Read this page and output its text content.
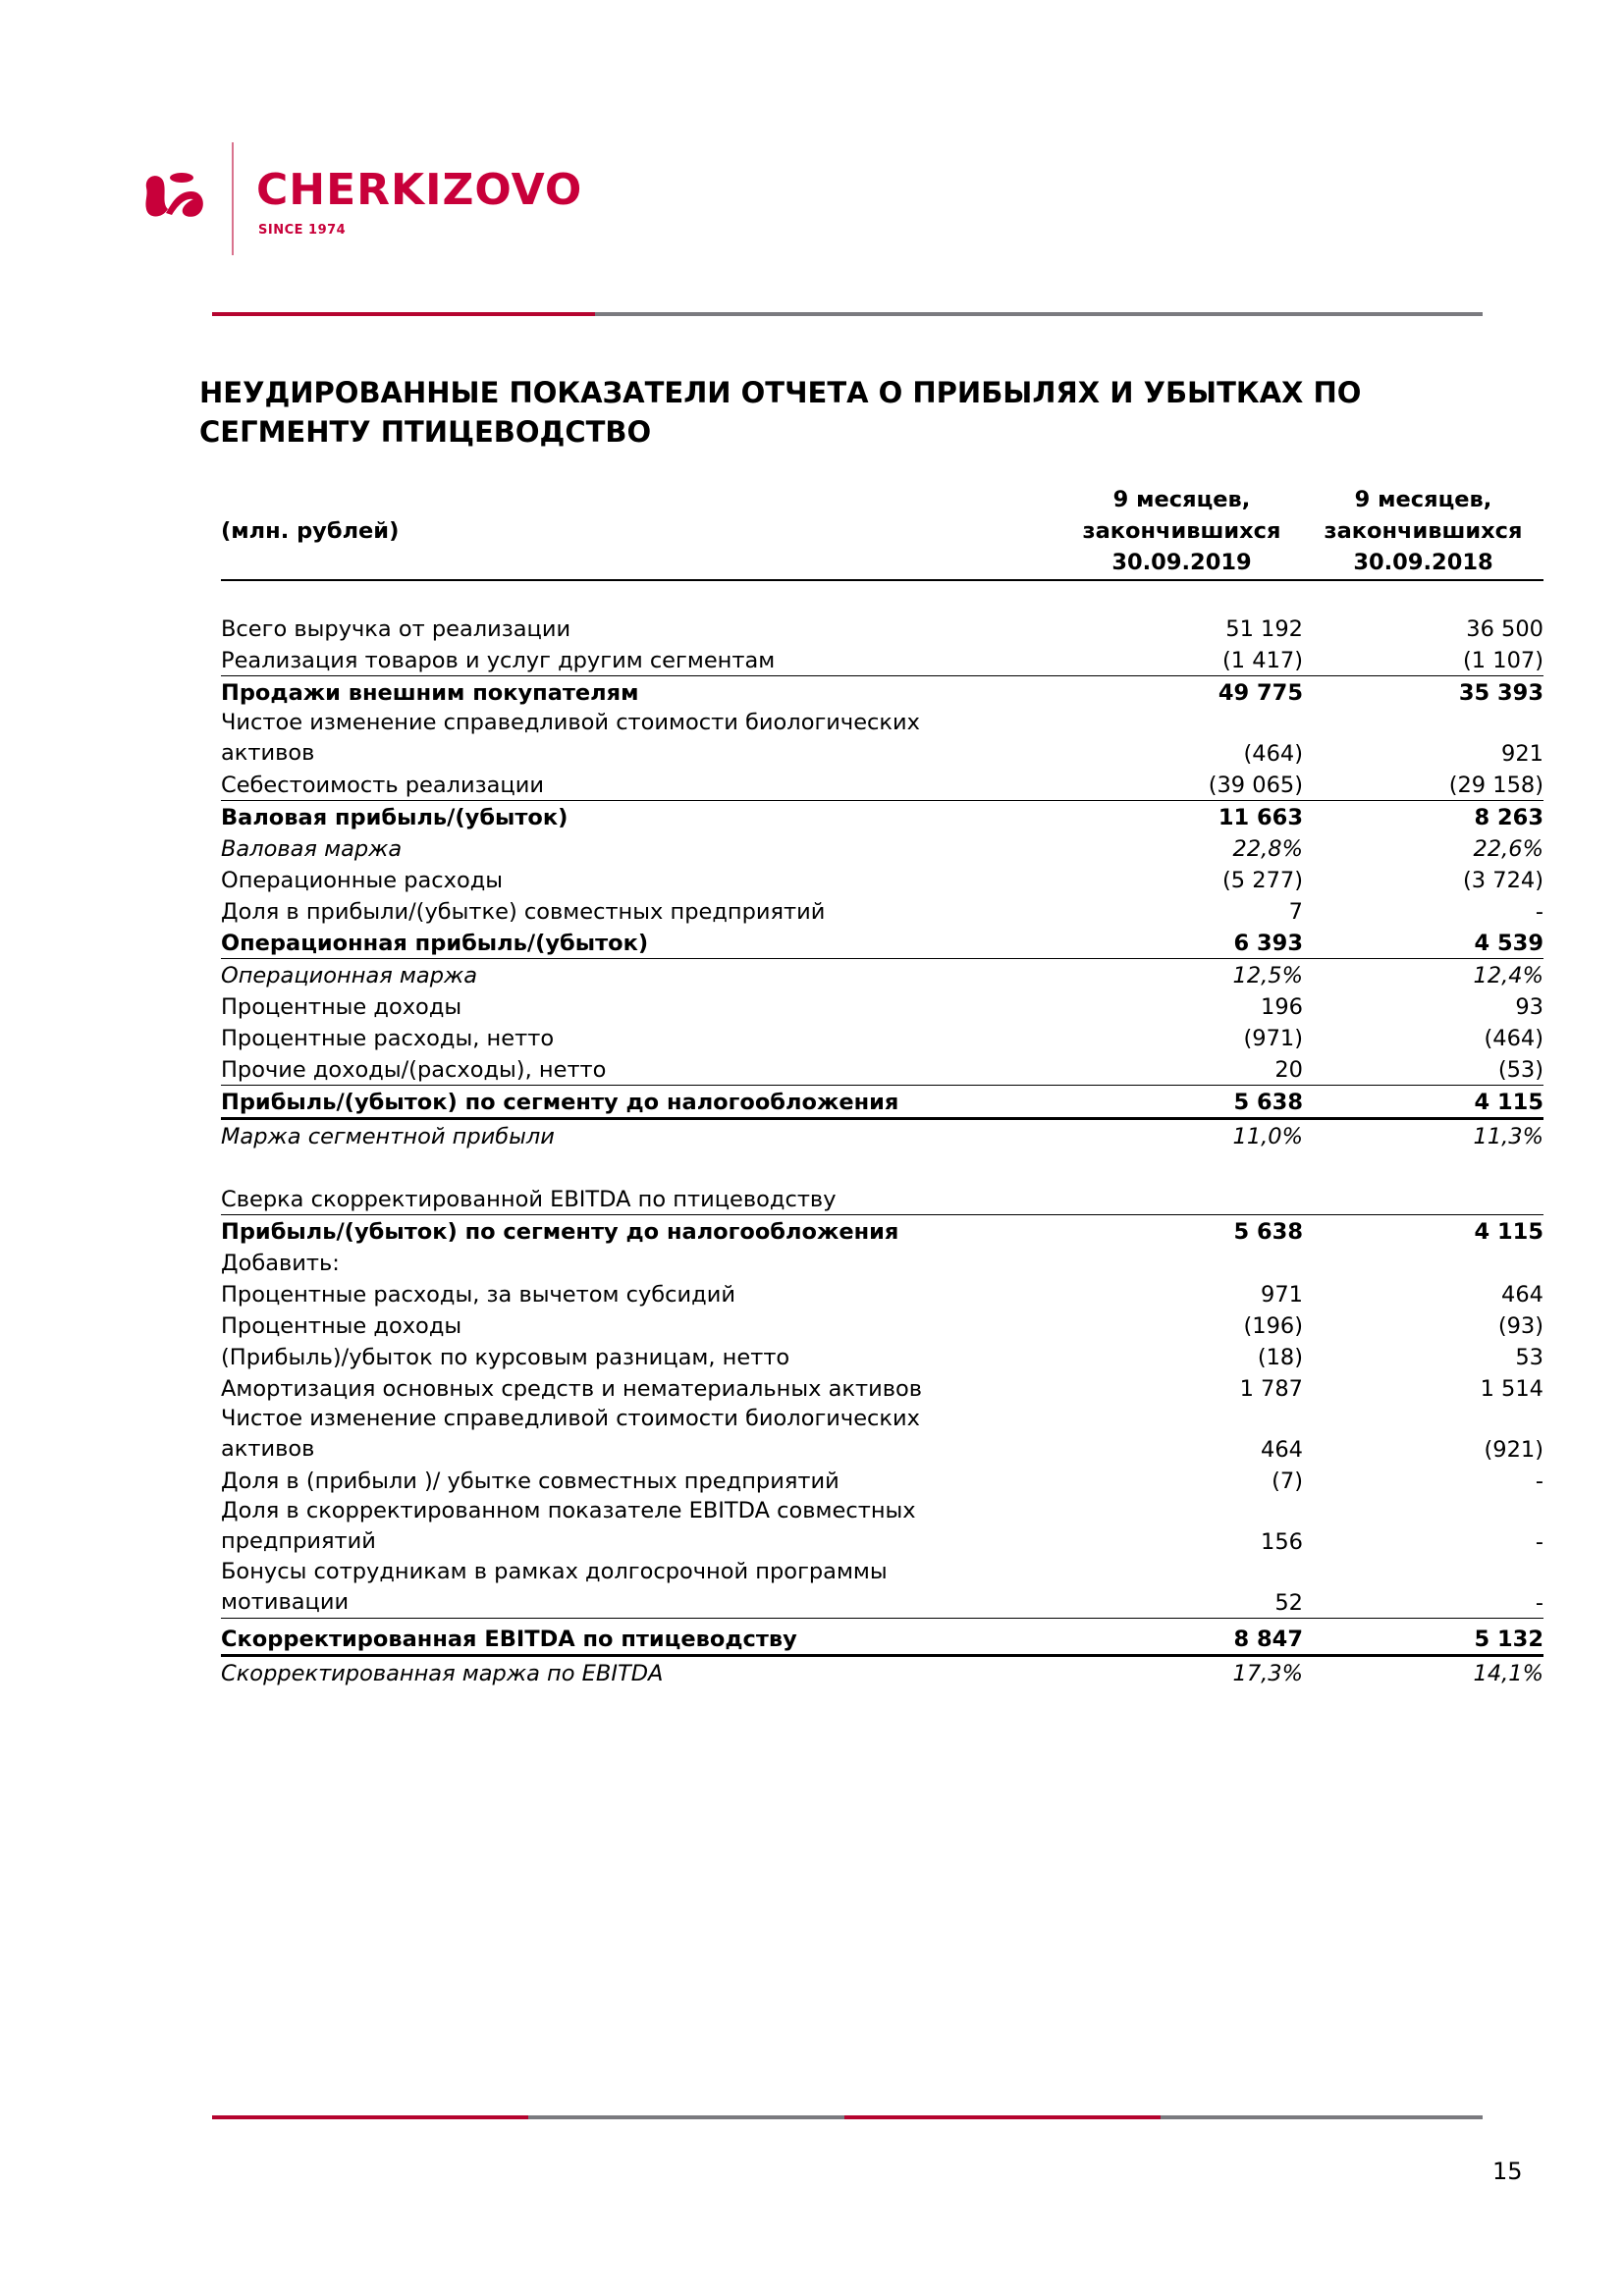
CHERKIZOVO
SINCE 1974
НЕУДИРОВАННЫЕ ПОКАЗАТЕЛИ ОТЧЕТА О ПРИБЫЛЯХ И УБЫТКАХ ПО
СЕГМЕНТУ ПТИЦЕВОДСТВО
	9 месяцев,	9 месяцев,
(млн. рублей)	закончившихся	закончившихся
	30.09.2019	30.09.2018

Всего выручка от реализации	51 192	36 500
Реализация товаров и услуг другим сегментам	(1 417)	(1 107)
Продажи внешним покупателям	49 775	35 393
Чистое изменение справедливой стоимости биологических активов	(464)	921
Себестоимость реализации	(39 065)	(29 158)
Валовая прибыль/(убыток)	11 663	8 263
Валовая маржа	22,8%	22,6%
Операционные расходы	(5 277)	(3 724)
Доля в прибыли/(убытке) совместных предприятий	7	-
Операционная прибыль/(убыток)	6 393	4 539
Операционная маржа	12,5%	12,4%
Процентные доходы	196	93
Процентные расходы, нетто	(971)	(464)
Прочие доходы/(расходы), нетто	20	(53)
Прибыль/(убыток) по сегменту до налогообложения	5 638	4 115
Маржа сегментной прибыли	11,0%	11,3%

Сверка скорректированной EBITDA по птицеводству		
Прибыль/(убыток) по сегменту до налогообложения	5 638	4 115
Добавить:		
Процентные расходы, за вычетом субсидий	971	464
Процентные доходы	(196)	(93)
(Прибыль)/убыток по курсовым разницам, нетто	(18)	53
Амортизация основных средств и нематериальных активов	1 787	1 514
Чистое изменение справедливой стоимости биологических активов	464	(921)
Доля в (прибыли )/ убытке совместных предприятий	(7)	-
Доля в скорректированном показателе EBITDA совместных предприятий	156	-
Бонусы сотрудникам в рамках долгосрочной программы мотивации	52	-
Скорректированная EBITDA по птицеводству	8 847	5 132
Скорректированная маржа по EBITDA	17,3%	14,1%
15
